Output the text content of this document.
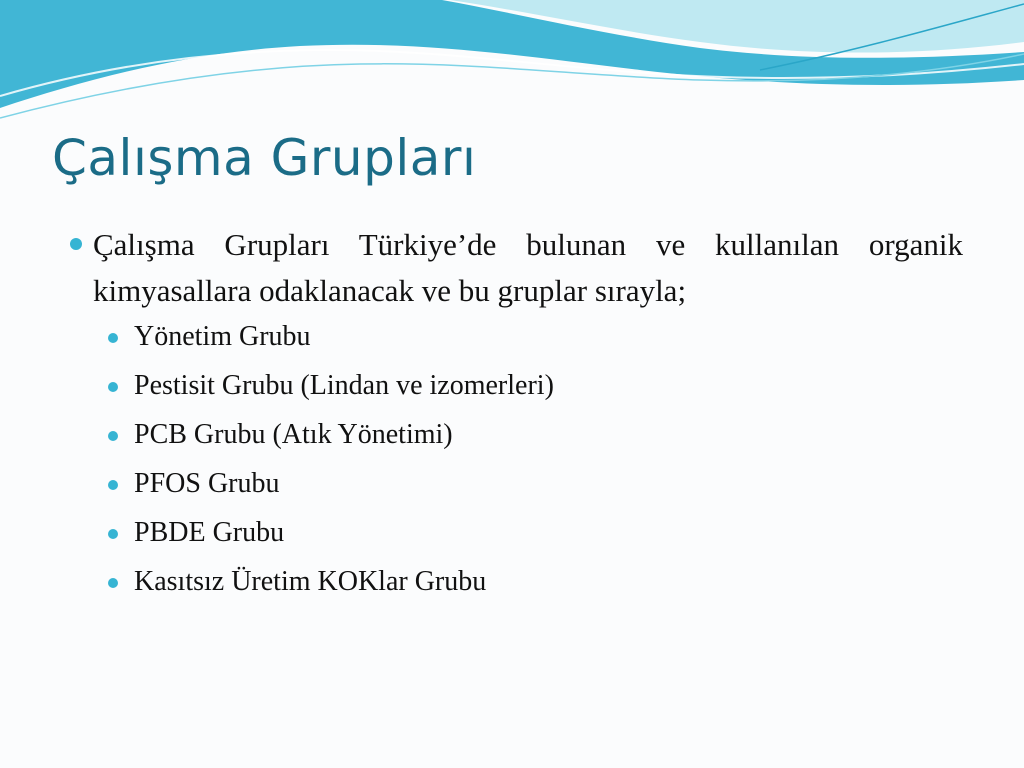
Çalışma Grupları
Çalışma Grupları Türkiye’de bulunan ve kullanılan organik kimyasallara odaklanacak ve bu gruplar sırayla;
Yönetim Grubu
Pestisit Grubu (Lindan ve izomerleri)
PCB Grubu (Atık Yönetimi)
PFOS Grubu
PBDE Grubu
Kasıtsız Üretim KOKlar Grubu
